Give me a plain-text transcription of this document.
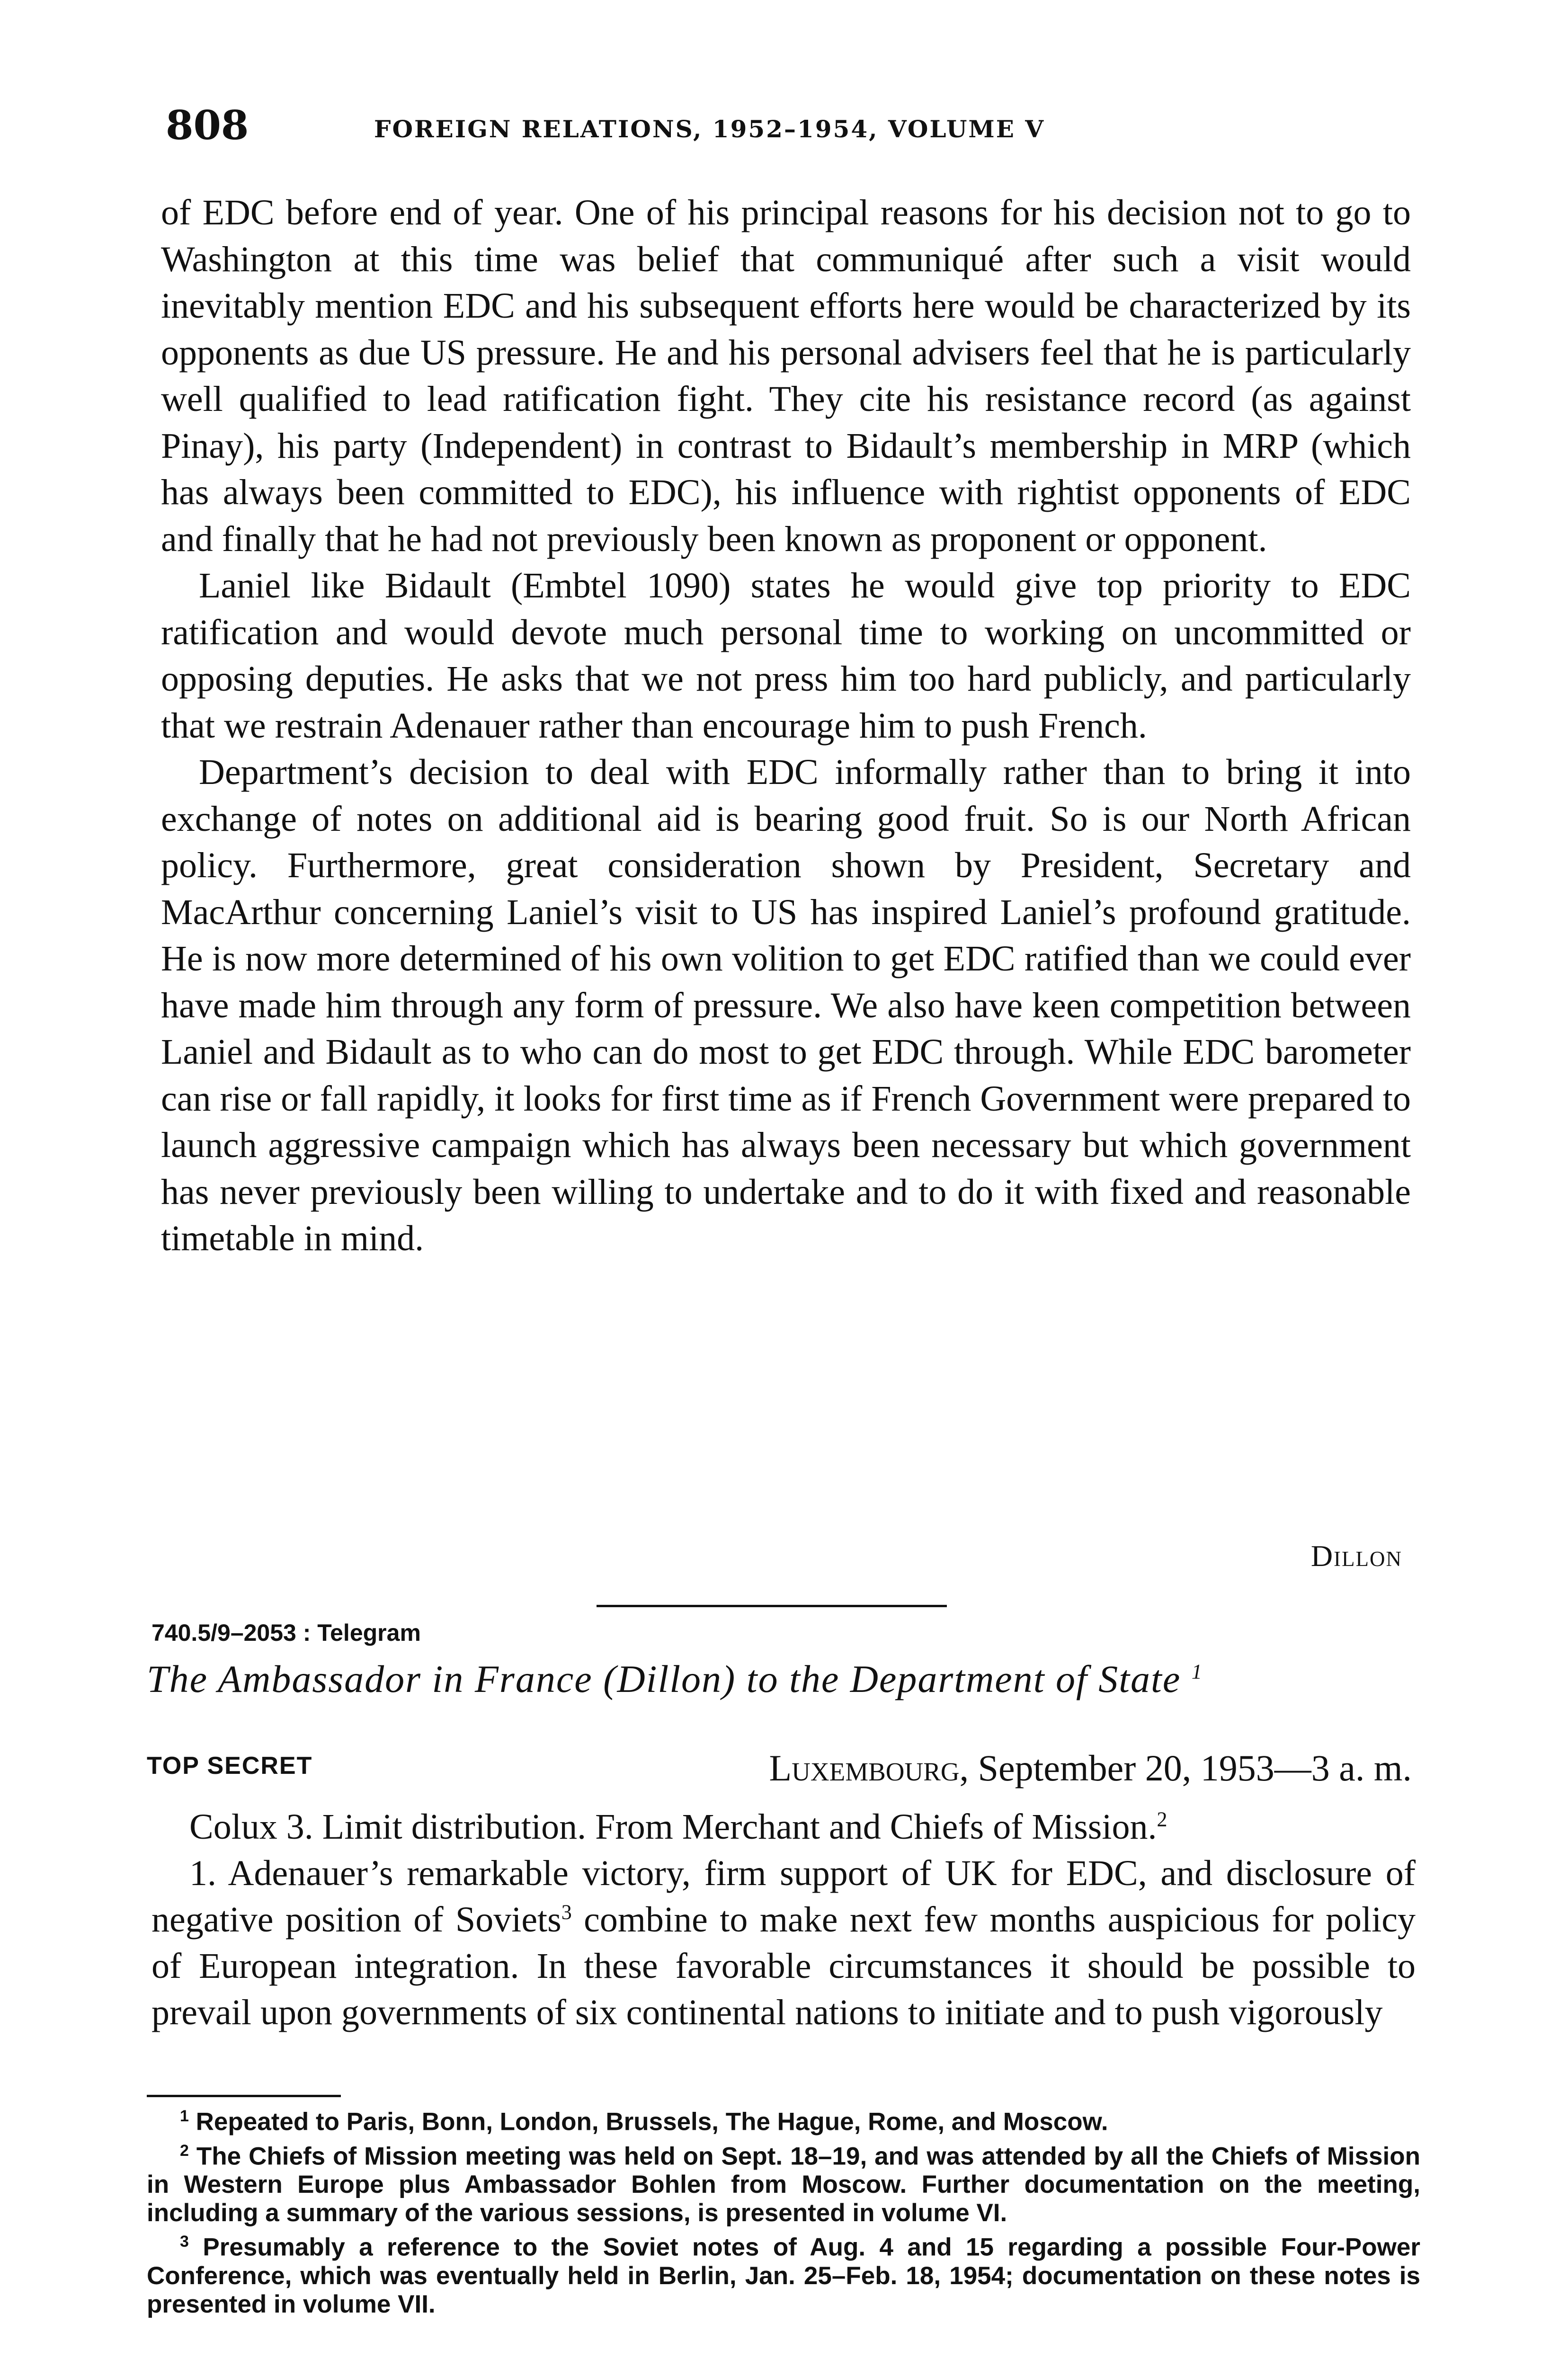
808	FOREIGN RELATIONS, 1952–1954, VOLUME V

of EDC before end of year. One of his principal reasons for his decision not to go to Washington at this time was belief that communiqué after such a visit would inevitably mention EDC and his subsequent efforts here would be characterized by its opponents as due US pressure. He and his personal advisers feel that he is particularly well qualified to lead ratification fight. They cite his resistance record (as against Pinay), his party (Independent) in contrast to Bidault’s membership in MRP (which has always been committed to EDC), his influence with rightist opponents of EDC and finally that he had not previously been known as proponent or opponent.

Laniel like Bidault (Embtel 1090) states he would give top priority to EDC ratification and would devote much personal time to working on uncommitted or opposing deputies. He asks that we not press him too hard publicly, and particularly that we restrain Adenauer rather than encourage him to push French.

Department’s decision to deal with EDC informally rather than to bring it into exchange of notes on additional aid is bearing good fruit. So is our North African policy. Furthermore, great consideration shown by President, Secretary and MacArthur concerning Laniel’s visit to US has inspired Laniel’s profound gratitude. He is now more determined of his own volition to get EDC ratified than we could ever have made him through any form of pressure. We also have keen competition between Laniel and Bidault as to who can do most to get EDC through. While EDC barometer can rise or fall rapidly, it looks for first time as if French Government were prepared to launch aggressive campaign which has always been necessary but which government has never previously been willing to undertake and to do it with fixed and reasonable timetable in mind.

Dillon
740.5/9–2053 : Telegram
The Ambassador in France (Dillon) to the Department of State $^1$
TOP SECRET	Luxembourg, September 20, 1953—3 a. m.

Colux 3. Limit distribution. From Merchant and Chiefs of Mission.$^2$

1. Adenauer’s remarkable victory, firm support of UK for EDC, and disclosure of negative position of Soviets$^3$ combine to make next few months auspicious for policy of European integration. In these favorable circumstances it should be possible to prevail upon governments of six continental nations to initiate and to push vigorously

$^1$ Repeated to Paris, Bonn, London, Brussels, The Hague, Rome, and Moscow.

$^2$ The Chiefs of Mission meeting was held on Sept. 18–19, and was attended by all the Chiefs of Mission in Western Europe plus Ambassador Bohlen from Moscow. Further documentation on the meeting, including a summary of the various sessions, is presented in volume VI.

$^3$ Presumably a reference to the Soviet notes of Aug. 4 and 15 regarding a possible Four-Power Conference, which was eventually held in Berlin, Jan. 25–Feb. 18, 1954; documentation on these notes is presented in volume VII.
